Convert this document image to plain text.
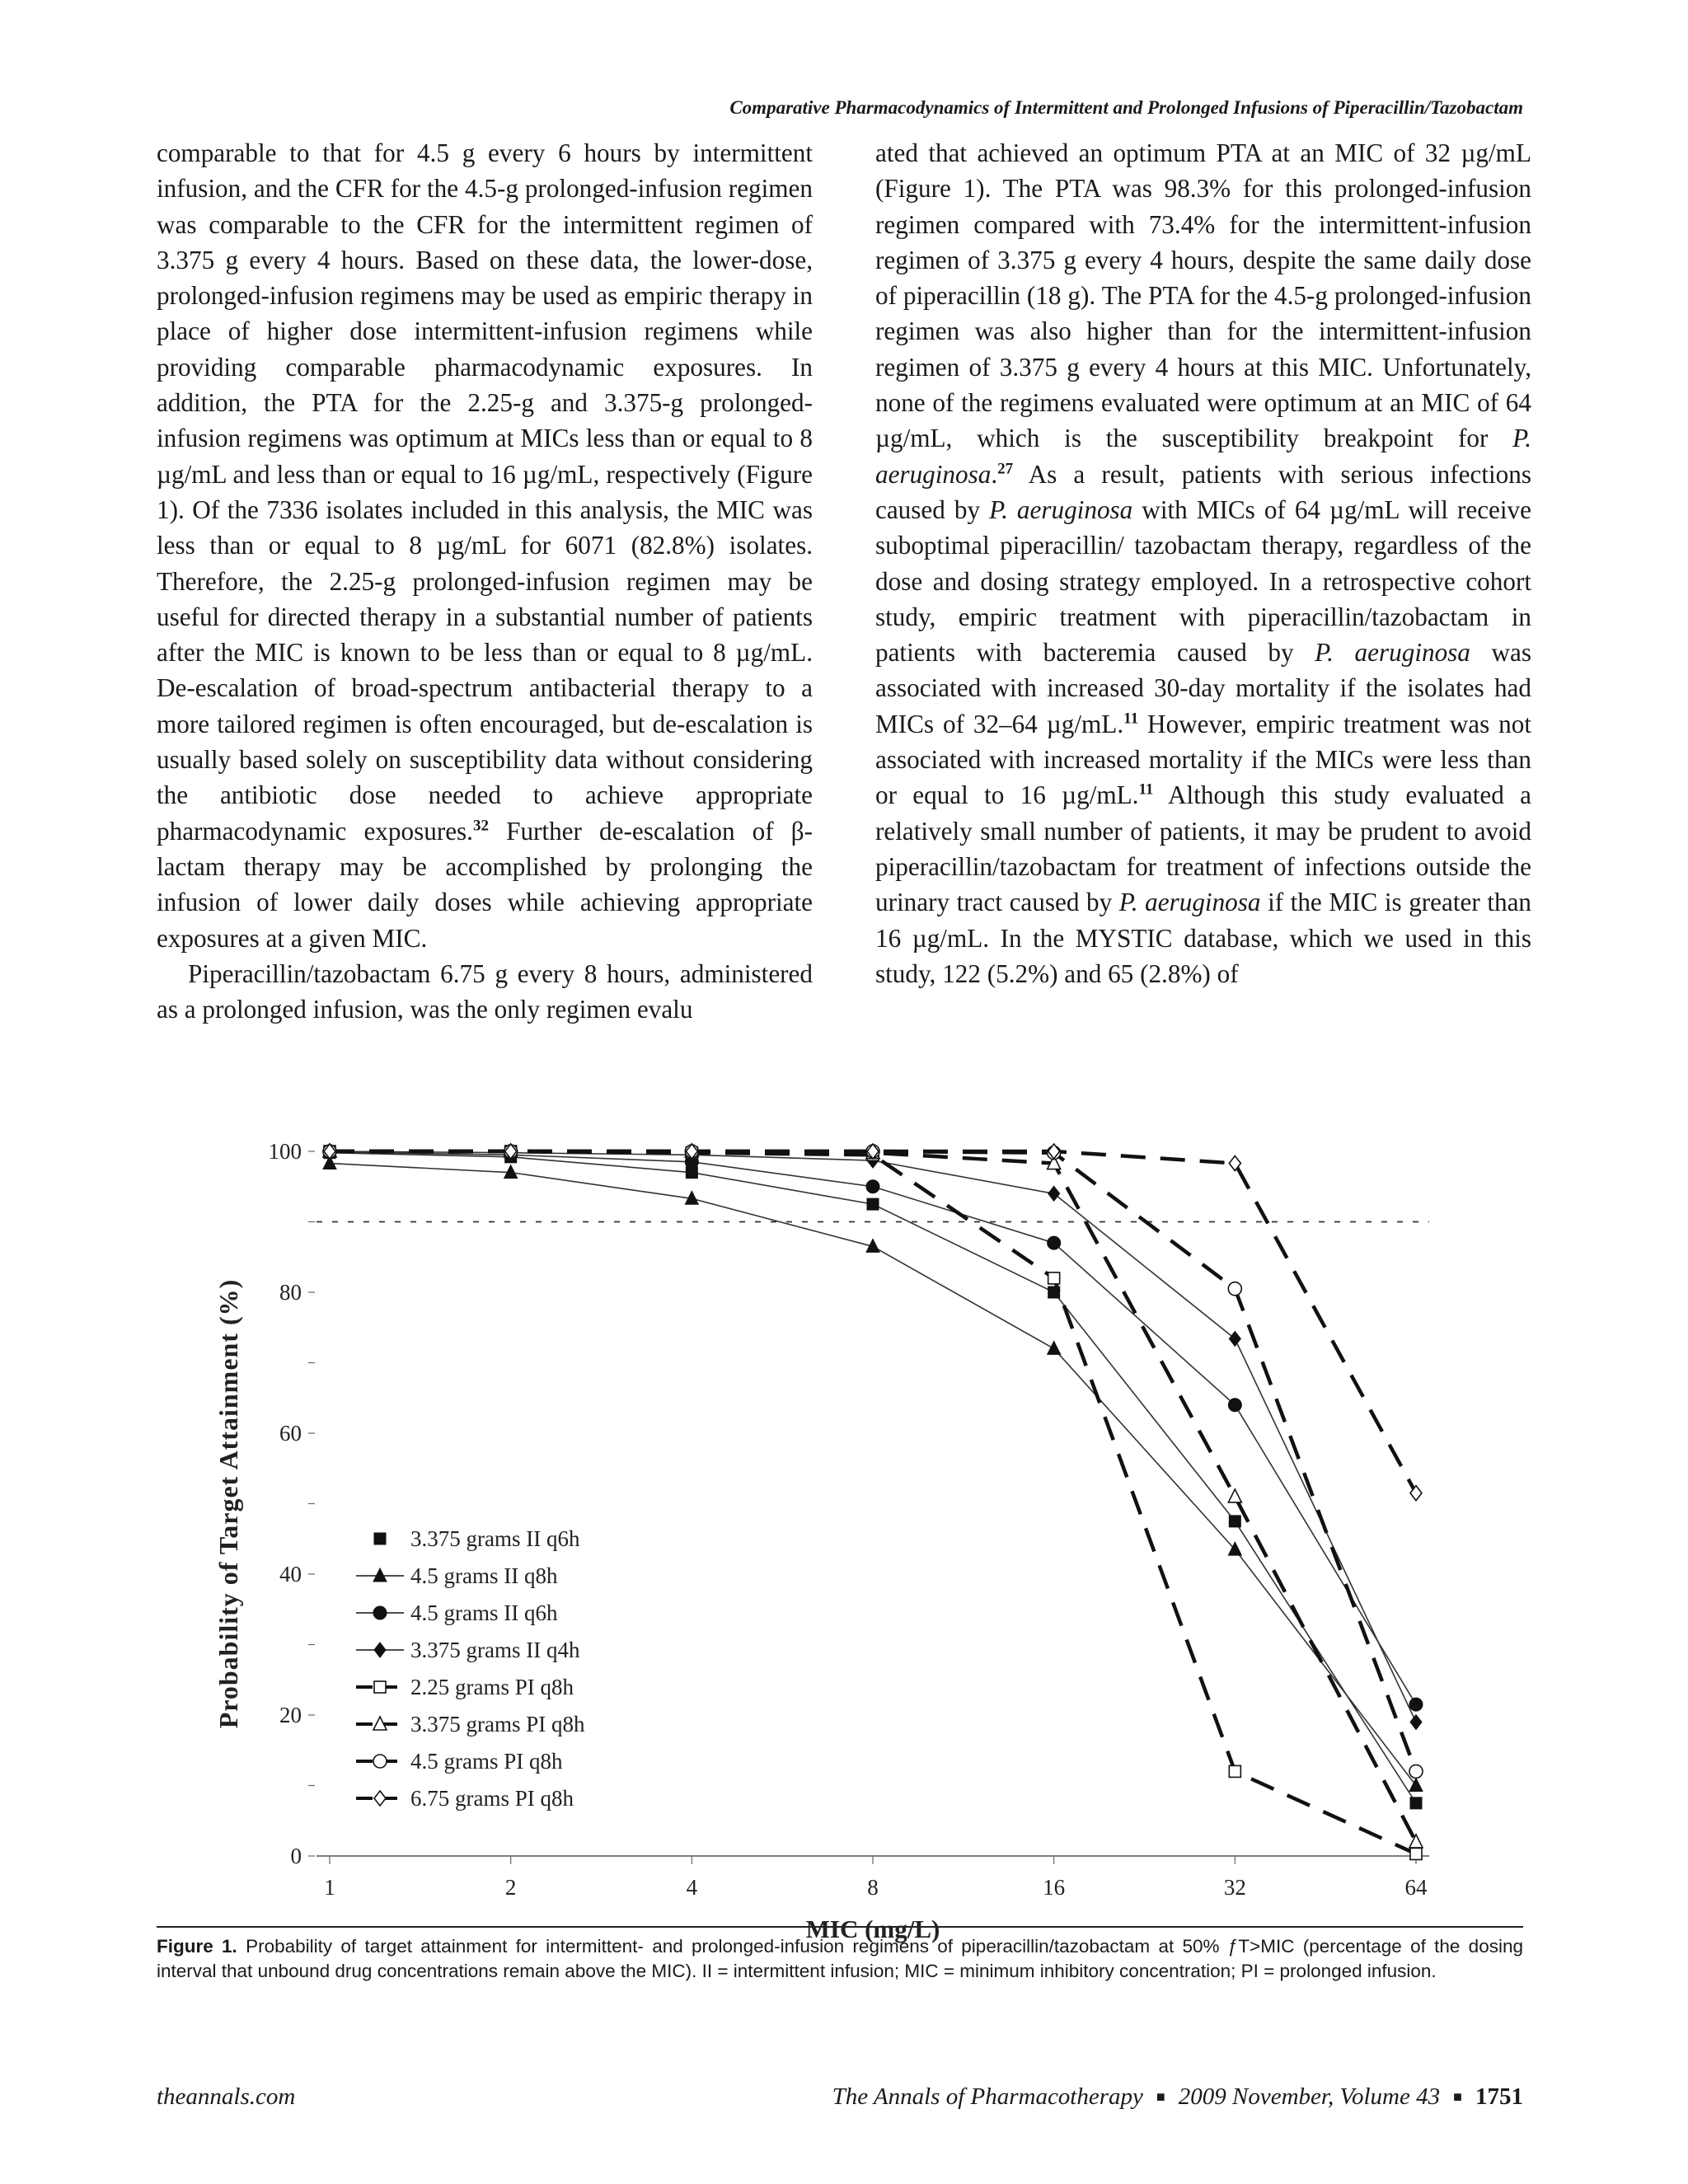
Comparative Pharmacodynamics of Intermittent and Prolonged Infusions of Piperacillin/Tazobactam

comparable to that for 4.5 g every 6 hours by intermittent infusion, and the CFR for the 4.5-g prolonged-infusion regimen was comparable to the CFR for the intermittent regimen of 3.375 g every 4 hours. Based on these data, the lower-dose, prolonged-infusion regimens may be used as empiric therapy in place of higher dose intermittent-infusion regimens while providing comparable pharmacodynamic exposures. In addition, the PTA for the 2.25-g and 3.375-g prolonged-infusion regimens was optimum at MICs less than or equal to 8 µg/mL and less than or equal to 16 µg/mL, respectively (Figure 1). Of the 7336 isolates included in this analysis, the MIC was less than or equal to 8 µg/mL for 6071 (82.8%) isolates. Therefore, the 2.25-g prolonged-infusion regimen may be useful for directed therapy in a substantial number of patients after the MIC is known to be less than or equal to 8 µg/mL. De-escalation of broad-spectrum antibacterial therapy to a more tailored regimen is often encouraged, but de-escalation is usually based solely on susceptibility data without considering the antibiotic dose needed to achieve appropriate pharmacodynamic exposures.$^{32}$ Further de-escalation of β-lactam therapy may be accomplished by prolonging the infusion of lower daily doses while achieving appropriate exposures at a given MIC.

Piperacillin/tazobactam 6.75 g every 8 hours, administered as a prolonged infusion, was the only regimen evalu

ated that achieved an optimum PTA at an MIC of 32 µg/mL (Figure 1). The PTA was 98.3% for this prolonged-infusion regimen compared with 73.4% for the intermittent-infusion regimen of 3.375 g every 4 hours, despite the same daily dose of piperacillin (18 g). The PTA for the 4.5-g prolonged-infusion regimen was also higher than for the intermittent-infusion regimen of 3.375 g every 4 hours at this MIC. Unfortunately, none of the regimens evaluated were optimum at an MIC of 64 µg/mL, which is the susceptibility breakpoint for P. aeruginosa.$^{27}$ As a result, patients with serious infections caused by P. aeruginosa with MICs of 64 µg/mL will receive suboptimal piperacillin/ tazobactam therapy, regardless of the dose and dosing strategy employed. In a retrospective cohort study, empiric treatment with piperacillin/tazobactam in patients with bacteremia caused by P. aeruginosa was associated with increased 30-day mortality if the isolates had MICs of 32–64 µg/mL.$^{11}$ However, empiric treatment was not associated with increased mortality if the MICs were less than or equal to 16 µg/mL.$^{11}$ Although this study evaluated a relatively small number of patients, it may be prudent to avoid piperacillin/tazobactam for treatment of infections outside the urinary tract caused by P. aeruginosa if the MIC is greater than 16 µg/mL. In the MYSTIC database, which we used in this study, 122 (5.2%) and 65 (2.8%) of

0
20
40
60
80
100
1	2	4	8	16	32	64
MIC (mg/L)
Probability of Target Attainment (%)	3.375 grams II q6h
4.5 grams II q8h
4.5 grams II q6h
3.375 grams II q4h
2.25 grams PI q8h
3.375 grams PI q8h
4.5 grams PI q8h
6.75 grams PI q8h
Figure 1. Probability of target attainment for intermittent- and prolonged-infusion regimens of piperacillin/tazobactam at 50% ƒT>MIC (percentage of the dosing interval that unbound drug concentrations remain above the MIC). II = intermittent infusion; MIC = minimum inhibitory concentration; PI = prolonged infusion.
theannals.com	The Annals of Pharmacotherapy ■ 2009 November, Volume 43 ■ 1751
